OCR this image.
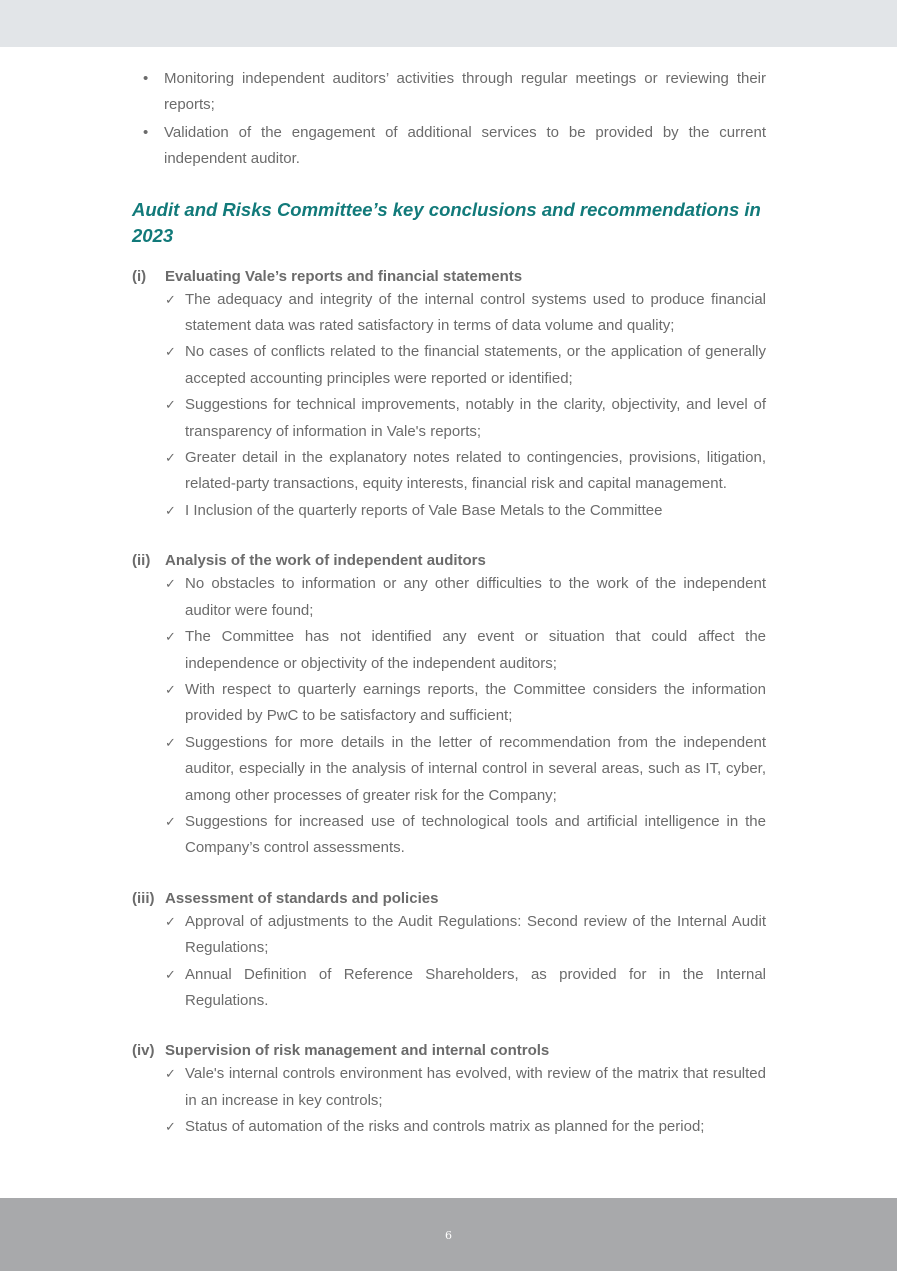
• Monitoring independent auditors’ activities through regular meetings or reviewing their reports;
• Validation of the engagement of additional services to be provided by the current independent auditor.
Audit and Risks Committee’s key conclusions and recommendations in 2023
(i)	Evaluating Vale’s reports and financial statements
✓ The adequacy and integrity of the internal control systems used to produce financial statement data was rated satisfactory in terms of data volume and quality;
✓ No cases of conflicts related to the financial statements, or the application of generally accepted accounting principles were reported or identified;
✓ Suggestions for technical improvements, notably in the clarity, objectivity, and level of transparency of information in Vale's reports;
✓ Greater detail in the explanatory notes related to contingencies, provisions, litigation, related-party transactions, equity interests, financial risk and capital management.
✓ I Inclusion of the quarterly reports of Vale Base Metals to the Committee
(ii) Analysis of the work of independent auditors
✓ No obstacles to information or any other difficulties to the work of the independent auditor were found;
✓ The Committee has not identified any event or situation that could affect the independence or objectivity of the independent auditors;
✓ With respect to quarterly earnings reports, the Committee considers the information provided by PwC to be satisfactory and sufficient;
✓ Suggestions for more details in the letter of recommendation from the independent auditor, especially in the analysis of internal control in several areas, such as IT, cyber, among other processes of greater risk for the Company;
✓ Suggestions for increased use of technological tools and artificial intelligence in the Company’s control assessments.
(iii) Assessment of standards and policies
✓ Approval of adjustments to the Audit Regulations: Second review of the Internal Audit Regulations;
✓ Annual Definition of Reference Shareholders, as provided for in the Internal Regulations.
(iv) Supervision of risk management and internal controls
✓ Vale's internal controls environment has evolved, with review of the matrix that resulted in an increase in key controls;
✓ Status of automation of the risks and controls matrix as planned for the period;
6
